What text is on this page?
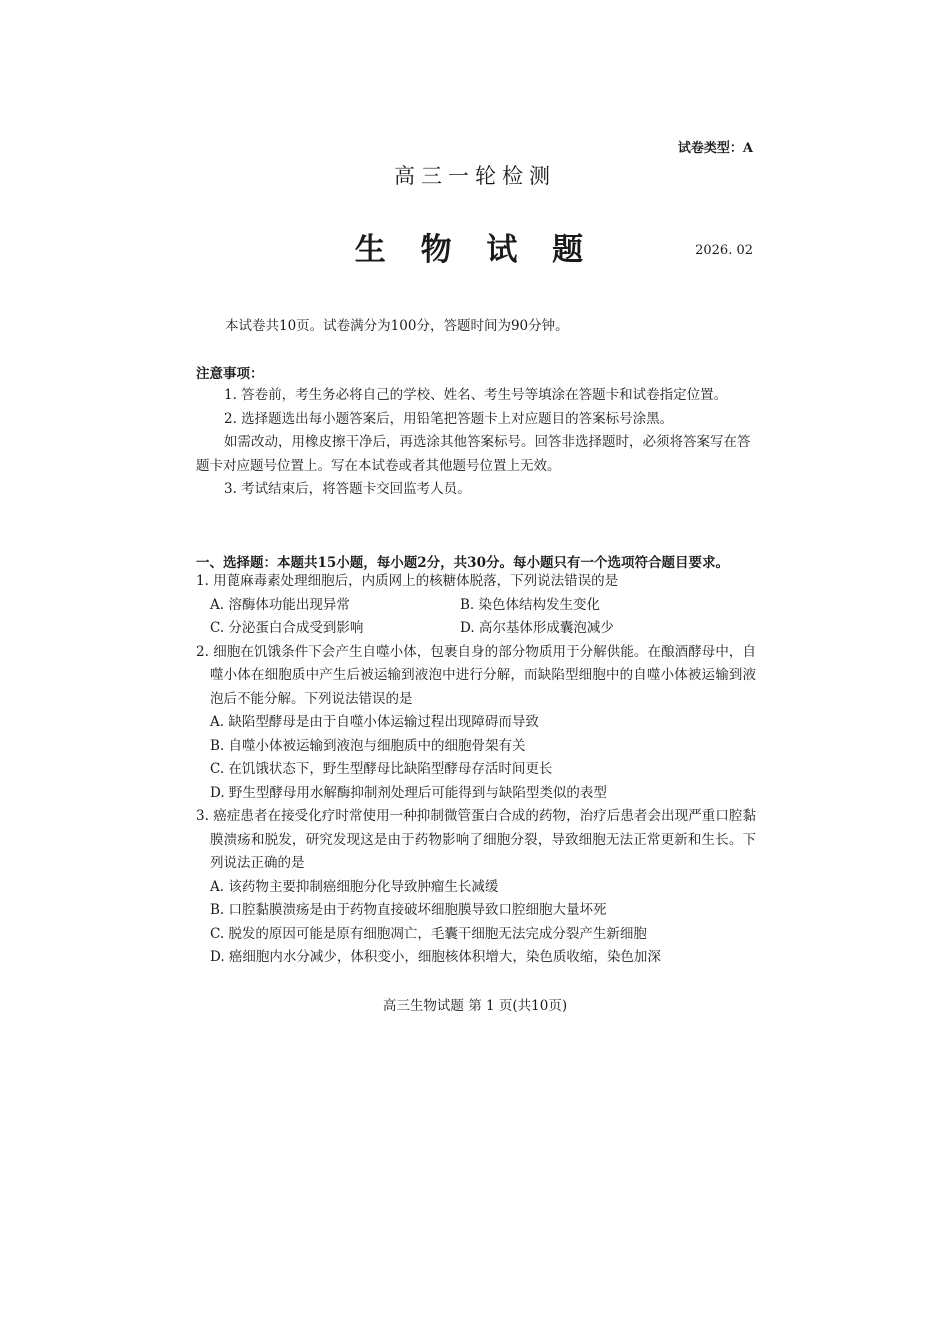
试卷类型：A
高三一轮检测
生 物 试 题	2026. 02
本试卷共10页。试卷满分为100分，答题时间为90分钟。
注意事项：

1. 答卷前，考生务必将自己的学校、姓名、考生号等填涂在答题卡和试卷指定位置。

2. 选择题选出每小题答案后，用铅笔把答题卡上对应题目的答案标号涂黑。

如需改动，用橡皮擦干净后，再选涂其他答案标号。回答非选择题时，必须将答案写在答题卡对应题号位置上。写在本试卷或者其他题号位置上无效。

3. 考试结束后，将答题卡交回监考人员。

一、选择题：本题共15小题，每小题2分，共30分。每小题只有一个选项符合题目要求。

1. 用蓖麻毒素处理细胞后，内质网上的核糖体脱落，下列说法错误的是

A. 溶酶体功能出现异常	B. 染色体结构发生变化
C. 分泌蛋白合成受到影响	D. 高尔基体形成囊泡减少

2. 细胞在饥饿条件下会产生自噬小体，包裹自身的部分物质用于分解供能。在酿酒酵母中，自噬小体在细胞质中产生后被运输到液泡中进行分解，而缺陷型细胞中的自噬小体被运输到液泡后不能分解。下列说法错误的是

A. 缺陷型酵母是由于自噬小体运输过程出现障碍而导致

B. 自噬小体被运输到液泡与细胞质中的细胞骨架有关

C. 在饥饿状态下，野生型酵母比缺陷型酵母存活时间更长

D. 野生型酵母用水解酶抑制剂处理后可能得到与缺陷型类似的表型

3. 癌症患者在接受化疗时常使用一种抑制微管蛋白合成的药物，治疗后患者会出现严重口腔黏膜溃疡和脱发，研究发现这是由于药物影响了细胞分裂，导致细胞无法正常更新和生长。下列说法正确的是

A. 该药物主要抑制癌细胞分化导致肿瘤生长减缓

B. 口腔黏膜溃疡是由于药物直接破坏细胞膜导致口腔细胞大量坏死

C. 脱发的原因可能是原有细胞凋亡，毛囊干细胞无法完成分裂产生新细胞

D. 癌细胞内水分减少，体积变小，细胞核体积增大，染色质收缩，染色加深

高三生物试题 第 1 页(共10页)
